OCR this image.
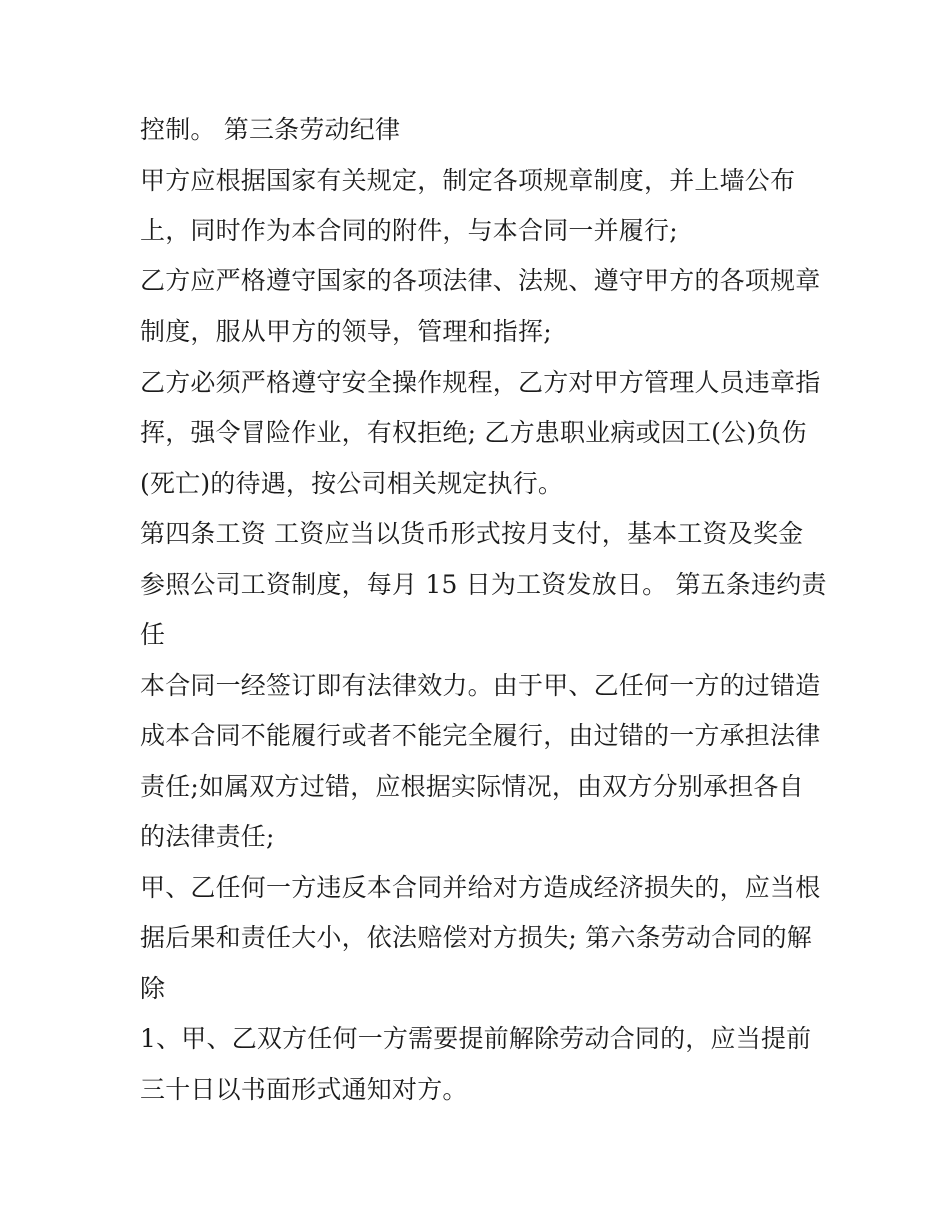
控制。 第三条劳动纪律

甲方应根据国家有关规定，制定各项规章制度，并上墙公布

上，同时作为本合同的附件，与本合同一并履行;

乙方应严格遵守国家的各项法律、法规、遵守甲方的各项规章

制度，服从甲方的领导，管理和指挥;

乙方必须严格遵守安全操作规程，乙方对甲方管理人员违章指

挥，强令冒险作业，有权拒绝; 乙方患职业病或因工(公)负伤

(死亡)的待遇，按公司相关规定执行。

第四条工资 工资应当以货币形式按月支付，基本工资及奖金

参照公司工资制度，每月 15 日为工资发放日。 第五条违约责

任

本合同一经签订即有法律效力。由于甲、乙任何一方的过错造

成本合同不能履行或者不能完全履行，由过错的一方承担法律

责任;如属双方过错，应根据实际情况，由双方分别承担各自

的法律责任;

甲、乙任何一方违反本合同并给对方造成经济损失的，应当根

据后果和责任大小，依法赔偿对方损失; 第六条劳动合同的解

除

1、甲、乙双方任何一方需要提前解除劳动合同的，应当提前

三十日以书面形式通知对方。
